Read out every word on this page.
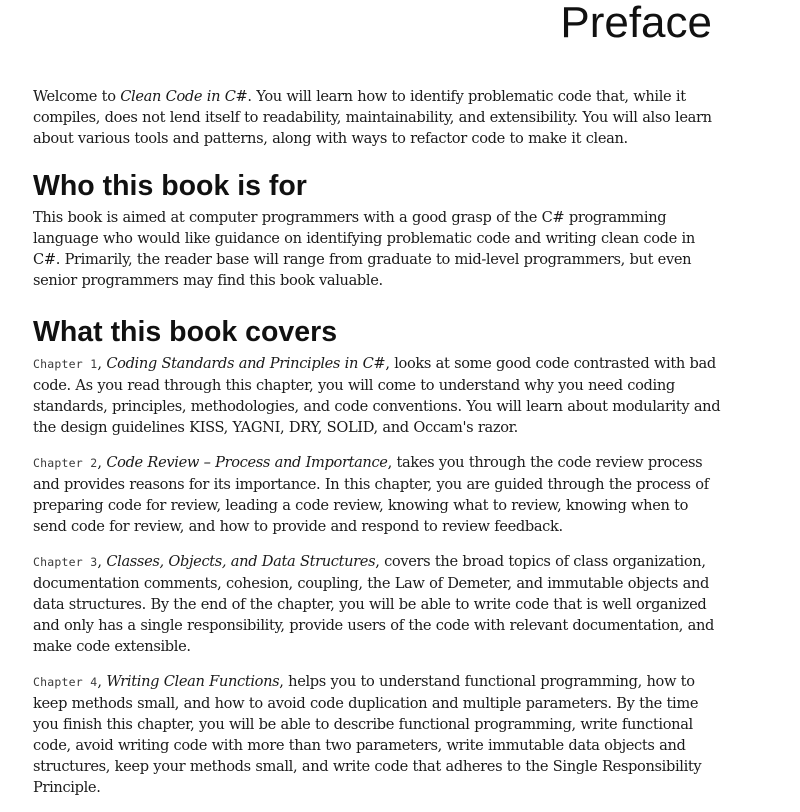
Preface

Welcome to Clean Code in C#. You will learn how to identify problematic code that, while it compiles, does not lend itself to readability, maintainability, and extensibility. You will also learn about various tools and patterns, along with ways to refactor code to make it clean.

Who this book is for

This book is aimed at computer programmers with a good grasp of the C# programming language who would like guidance on identifying problematic code and writing clean code in C#. Primarily, the reader base will range from graduate to mid-level programmers, but even senior programmers may find this book valuable.

What this book covers

Chapter 1, Coding Standards and Principles in C#, looks at some good code contrasted with bad code. As you read through this chapter, you will come to understand why you need coding standards, principles, methodologies, and code conventions. You will learn about modularity and the design guidelines KISS, YAGNI, DRY, SOLID, and Occam's razor.

Chapter 2, Code Review – Process and Importance, takes you through the code review process and provides reasons for its importance. In this chapter, you are guided through the process of preparing code for review, leading a code review, knowing what to review, knowing when to send code for review, and how to provide and respond to review feedback.

Chapter 3, Classes, Objects, and Data Structures, covers the broad topics of class organization, documentation comments, cohesion, coupling, the Law of Demeter, and immutable objects and data structures. By the end of the chapter, you will be able to write code that is well organized and only has a single responsibility, provide users of the code with relevant documentation, and make code extensible.

Chapter 4, Writing Clean Functions, helps you to understand functional programming, how to keep methods small, and how to avoid code duplication and multiple parameters. By the time you finish this chapter, you will be able to describe functional programming, write functional code, avoid writing code with more than two parameters, write immutable data objects and structures, keep your methods small, and write code that adheres to the Single Responsibility Principle.
